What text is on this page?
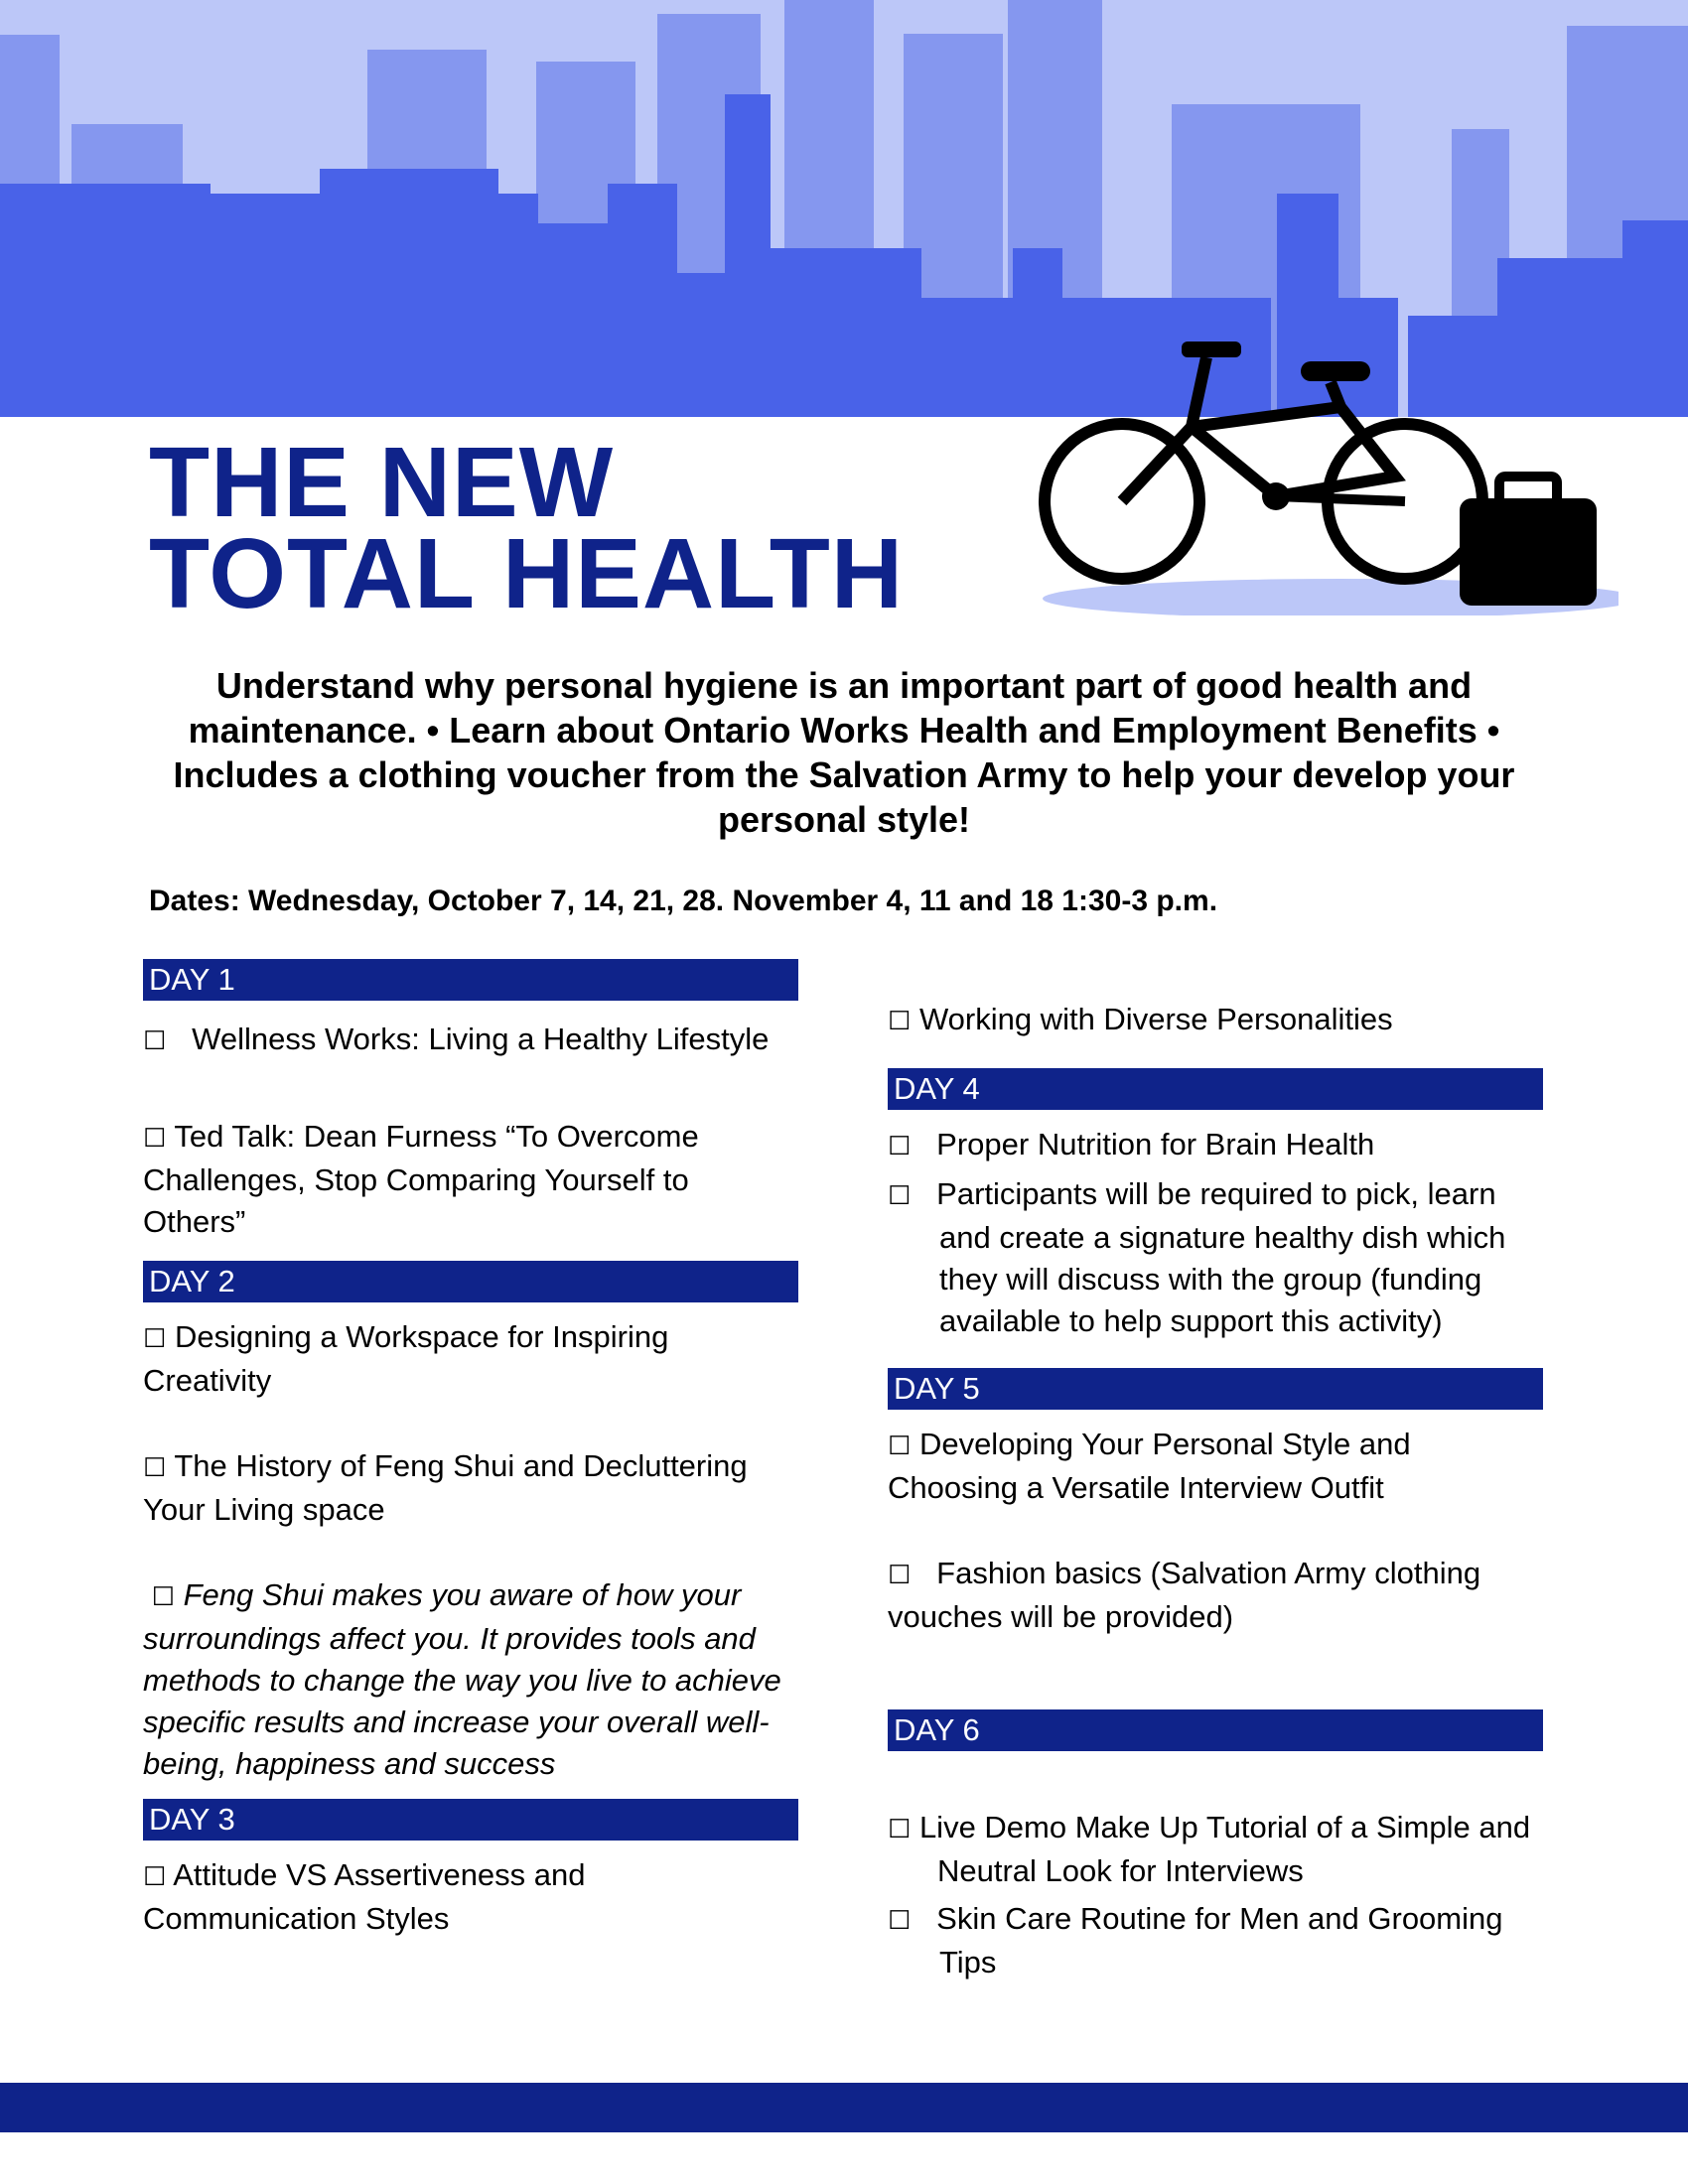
THE NEW
TOTAL HEALTH

Understand why personal hygiene is an important part of good health and maintenance. • Learn about Ontario Works Health and Employment Benefits • Includes a clothing voucher from the Salvation Army to help your develop your personal style!

Dates: Wednesday, October 7, 14, 21, 28. November 4, 11 and 18 1:30-3 p.m.

DAY 1
☐ Wellness Works: Living a Healthy Lifestyle
☐ Ted Talk: Dean Furness “To Overcome Challenges, Stop Comparing Yourself to Others”
DAY 2
☐ Designing a Workspace for Inspiring Creativity
☐ The History of Feng Shui and Decluttering Your Living space
☐ Feng Shui makes you aware of how your surroundings affect you. It provides tools and methods to change the way you live to achieve specific results and increase your overall well-being, happiness and success
DAY 3
☐ Attitude VS Assertiveness and Communication Styles
☐ Working with Diverse Personalities
DAY 4
☐ Proper Nutrition for Brain Health
☐ Participants will be required to pick, learn and create a signature healthy dish which they will discuss with the group (funding available to help support this activity)
DAY 5
☐ Developing Your Personal Style and Choosing a Versatile Interview Outfit
☐ Fashion basics (Salvation Army clothing vouches will be provided)
DAY 6
☐ Live Demo Make Up Tutorial of a Simple and Neutral Look for Interviews
☐ Skin Care Routine for Men and Grooming Tips
